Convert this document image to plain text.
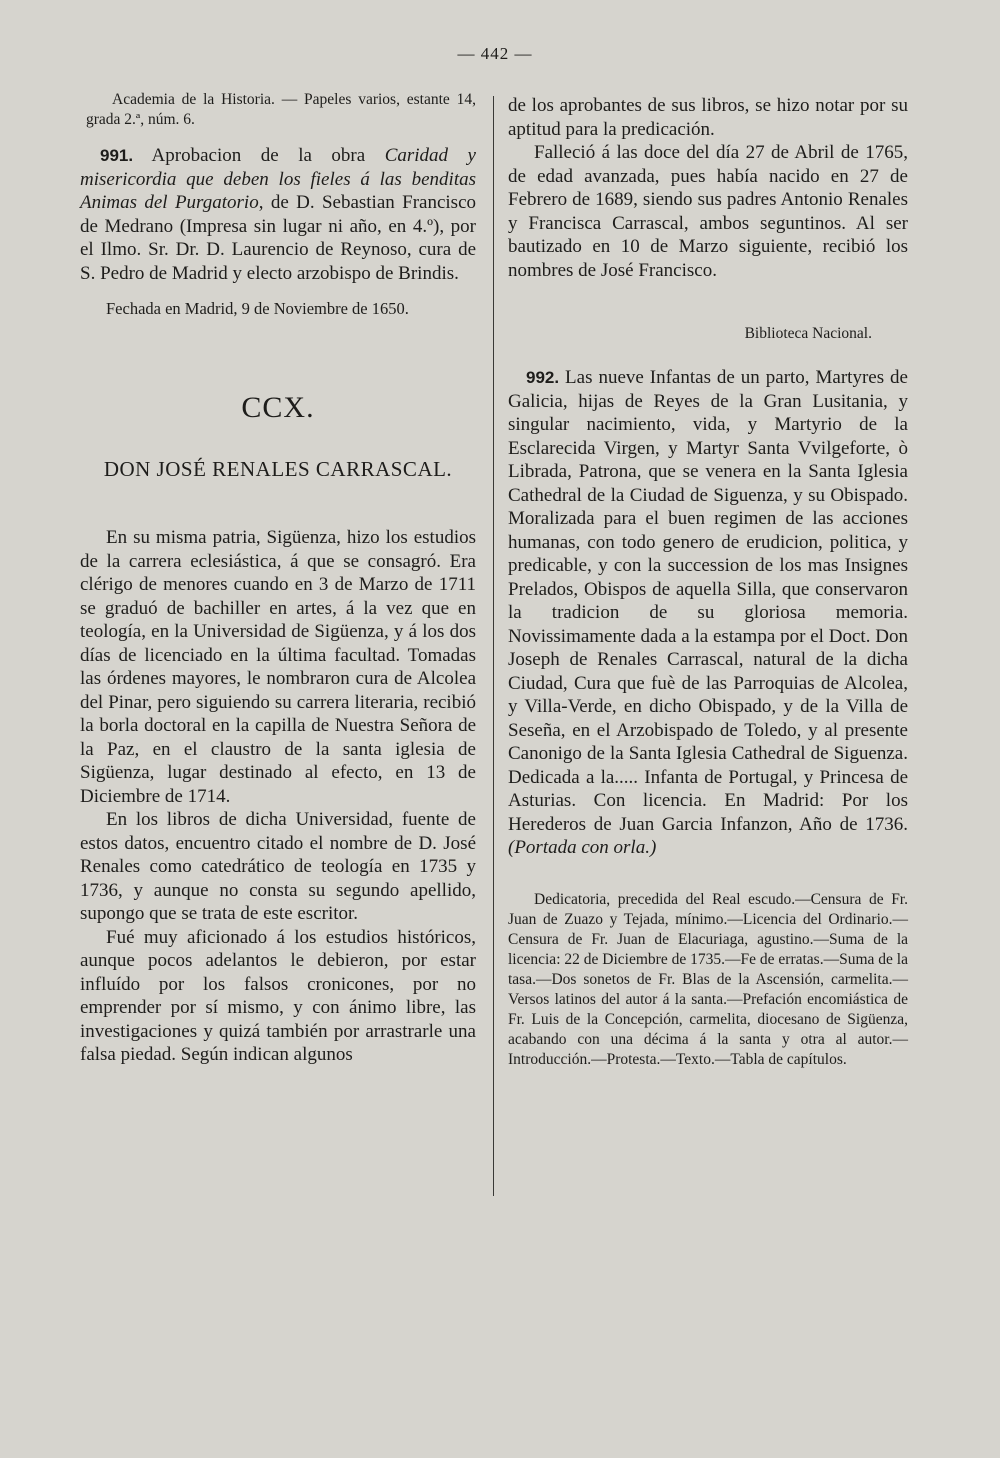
— 442 —

Academia de la Historia. — Papeles varios, estante 14, grada 2.ª, núm. 6.

991. Aprobacion de la obra Caridad y misericordia que deben los fieles á las benditas Animas del Purgatorio, de D. Sebastian Francisco de Medrano (Impresa sin lugar ni año, en 4.º), por el Ilmo. Sr. Dr. D. Laurencio de Reynoso, cura de S. Pedro de Madrid y electo arzobispo de Brindis.

Fechada en Madrid, 9 de Noviembre de 1650.

CCX.

DON JOSÉ RENALES CARRASCAL.

En su misma patria, Sigüenza, hizo los estudios de la carrera eclesiástica, á que se consagró. Era clérigo de menores cuando en 3 de Marzo de 1711 se graduó de bachiller en artes, á la vez que en teología, en la Universidad de Sigüenza, y á los dos días de licenciado en la última facultad. Tomadas las órdenes mayores, le nombraron cura de Alcolea del Pinar, pero siguiendo su carrera literaria, recibió la borla doctoral en la capilla de Nuestra Señora de la Paz, en el claustro de la santa iglesia de Sigüenza, lugar destinado al efecto, en 13 de Diciembre de 1714.

En los libros de dicha Universidad, fuente de estos datos, encuentro citado el nombre de D. José Renales como catedrático de teología en 1735 y 1736, y aunque no consta su segundo apellido, supongo que se trata de este escritor.

Fué muy aficionado á los estudios históricos, aunque pocos adelantos le debieron, por estar influído por los falsos cronicones, por no emprender por sí mismo, y con ánimo libre, las investigaciones y quizá también por arrastrarle una falsa piedad. Según indican algunos

de los aprobantes de sus libros, se hizo notar por su aptitud para la predicación.

Falleció á las doce del día 27 de Abril de 1765, de edad avanzada, pues había nacido en 27 de Febrero de 1689, siendo sus padres Antonio Renales y Francisca Carrascal, ambos seguntinos. Al ser bautizado en 10 de Marzo siguiente, recibió los nombres de José Francisco.

Biblioteca Nacional.

992. Las nueve Infantas de un parto, Martyres de Galicia, hijas de Reyes de la Gran Lusitania, y singular nacimiento, vida, y Martyrio de la Esclarecida Virgen, y Martyr Santa Vvilgeforte, ò Librada, Patrona, que se venera en la Santa Iglesia Cathedral de la Ciudad de Siguenza, y su Obispado. Moralizada para el buen regimen de las acciones humanas, con todo genero de erudicion, politica, y predicable, y con la succession de los mas Insignes Prelados, Obispos de aquella Silla, que conservaron la tradicion de su gloriosa memoria. Novissimamente dada a la estampa por el Doct. Don Joseph de Renales Carrascal, natural de la dicha Ciudad, Cura que fuè de las Parroquias de Alcolea, y Villa-Verde, en dicho Obispado, y de la Villa de Seseña, en el Arzobispado de Toledo, y al presente Canonigo de la Santa Iglesia Cathedral de Siguenza. Dedicada a la..... Infanta de Portugal, y Princesa de Asturias. Con licencia. En Madrid: Por los Herederos de Juan Garcia Infanzon, Año de 1736. (Portada con orla.)

Dedicatoria, precedida del Real escudo.—Censura de Fr. Juan de Zuazo y Tejada, mínimo.—Licencia del Ordinario.—Censura de Fr. Juan de Elacuriaga, agustino.—Suma de la licencia: 22 de Diciembre de 1735.—Fe de erratas.—Suma de la tasa.—Dos sonetos de Fr. Blas de la Ascensión, carmelita.—Versos latinos del autor á la santa.—Prefación encomiástica de Fr. Luis de la Concepción, carmelita, diocesano de Sigüenza, acabando con una décima á la santa y otra al autor.—Introducción.—Protesta.—Texto.—Tabla de capítulos.
